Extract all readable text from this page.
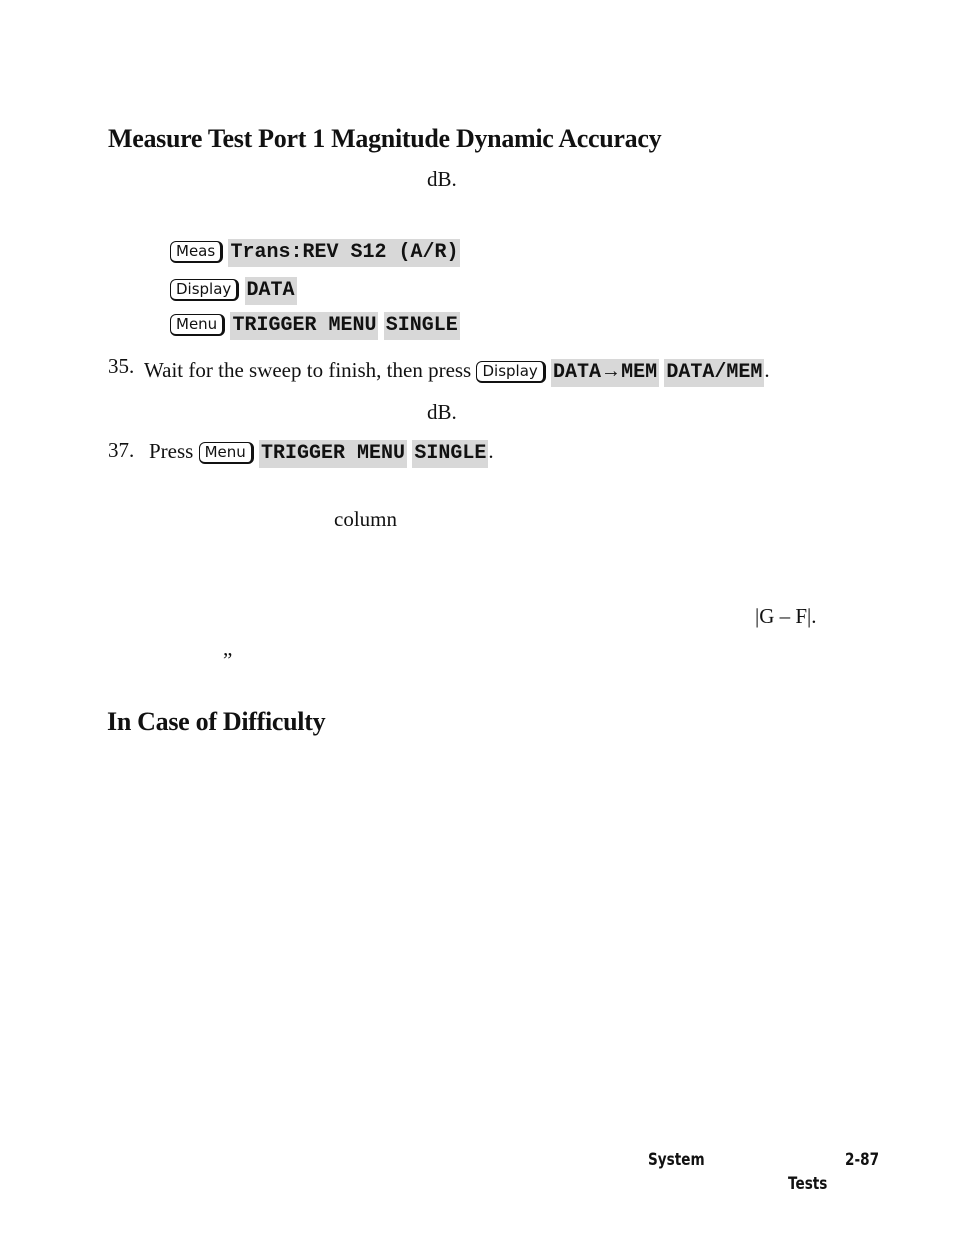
Measure Test Port 1 Magnitude Dynamic Accuracy
dB.
Meas Trans:REV S12 (A/R)
Display DATA
Menu TRIGGER MENU SINGLE
35. Wait for the sweep to finish, then press Display DATA → MEM DATA/MEM.
dB.
37. Press Menu TRIGGER MENU SINGLE.
column
|G – F|.
”
In Case of Difficulty
System	2-87
Tests
